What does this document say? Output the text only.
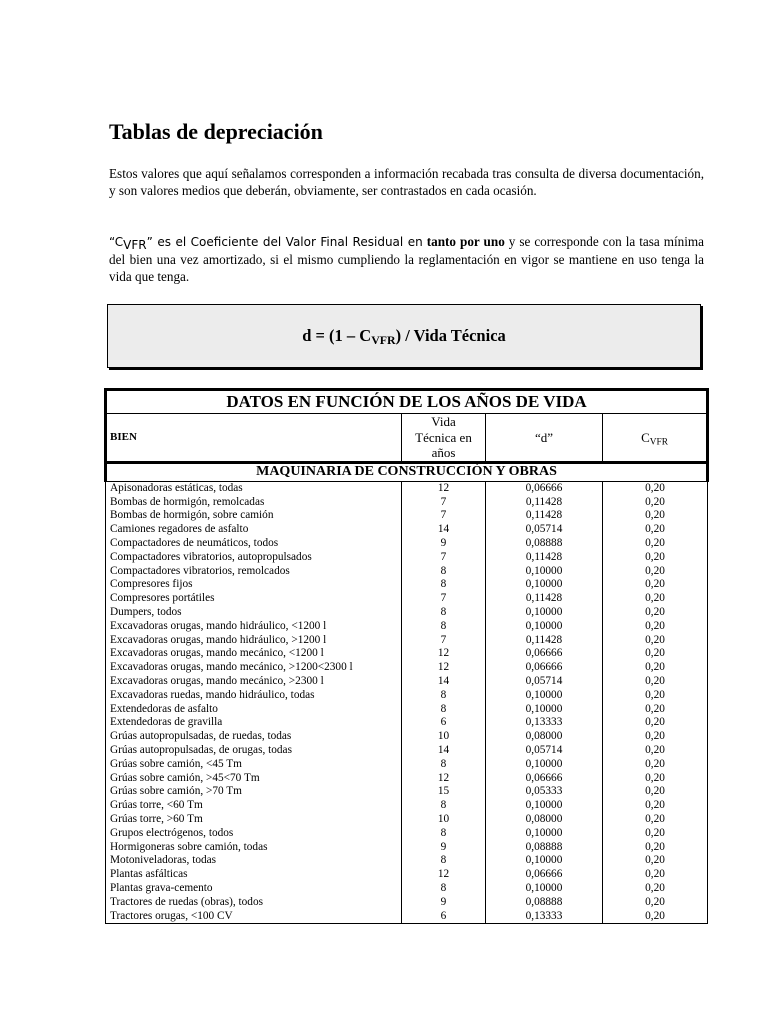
Tablas de depreciación

Estos valores que aquí señalamos corresponden a información recabada tras consulta de diversa documentación, y son valores medios que deberán, obviamente, ser contrastados en cada ocasión.

“$C_{VFR}$” es el Coeficiente del Valor Final Residual en tanto por uno y se corresponde con la tasa mínima del bien una vez amortizado, si el mismo cumpliendo la reglamentación en vigor se mantiene en uso tenga la vida que tenga.

$d = (1 - C_{VFR})$ / Vida Técnica
DATOS EN FUNCIÓN DE LOS AÑOS DE VIDA			
BIEN	Vida
Técnica en
años	“d”	$C_{VFR}$
MAQUINARIA DE CONSTRUCCIÓN Y OBRAS			
Apisonadoras estáticas, todas	12	0,06666	0,20
Bombas de hormigón, remolcadas	7	0,11428	0,20
Bombas de hormigón, sobre camión	7	0,11428	0,20
Camiones regadores de asfalto	14	0,05714	0,20
Compactadores de neumáticos, todos	9	0,08888	0,20
Compactadores vibratorios, autopropulsados	7	0,11428	0,20
Compactadores vibratorios, remolcados	8	0,10000	0,20
Compresores fijos	8	0,10000	0,20
Compresores portátiles	7	0,11428	0,20
Dumpers, todos	8	0,10000	0,20
Excavadoras orugas, mando hidráulico, <1200 l	8	0,10000	0,20
Excavadoras orugas, mando hidráulico, >1200 l	7	0,11428	0,20
Excavadoras orugas, mando mecánico, <1200 l	12	0,06666	0,20
Excavadoras orugas, mando mecánico, >1200<2300 l	12	0,06666	0,20
Excavadoras orugas, mando mecánico, >2300 l	14	0,05714	0,20
Excavadoras ruedas, mando hidráulico, todas	8	0,10000	0,20
Extendedoras de asfalto	8	0,10000	0,20
Extendedoras de gravilla	6	0,13333	0,20
Grúas autopropulsadas, de ruedas, todas	10	0,08000	0,20
Grúas autopropulsadas, de orugas, todas	14	0,05714	0,20
Grúas sobre camión, <45 Tm	8	0,10000	0,20
Grúas sobre camión, >45<70 Tm	12	0,06666	0,20
Grúas sobre camión, >70 Tm	15	0,05333	0,20
Grúas torre, <60 Tm	8	0,10000	0,20
Grúas torre, >60 Tm	10	0,08000	0,20
Grupos electrógenos, todos	8	0,10000	0,20
Hormigoneras sobre camión, todas	9	0,08888	0,20
Motoniveladoras, todas	8	0,10000	0,20
Plantas asfálticas	12	0,06666	0,20
Plantas grava-cemento	8	0,10000	0,20
Tractores de ruedas (obras), todos	9	0,08888	0,20
Tractores orugas, <100 CV	6	0,13333	0,20
